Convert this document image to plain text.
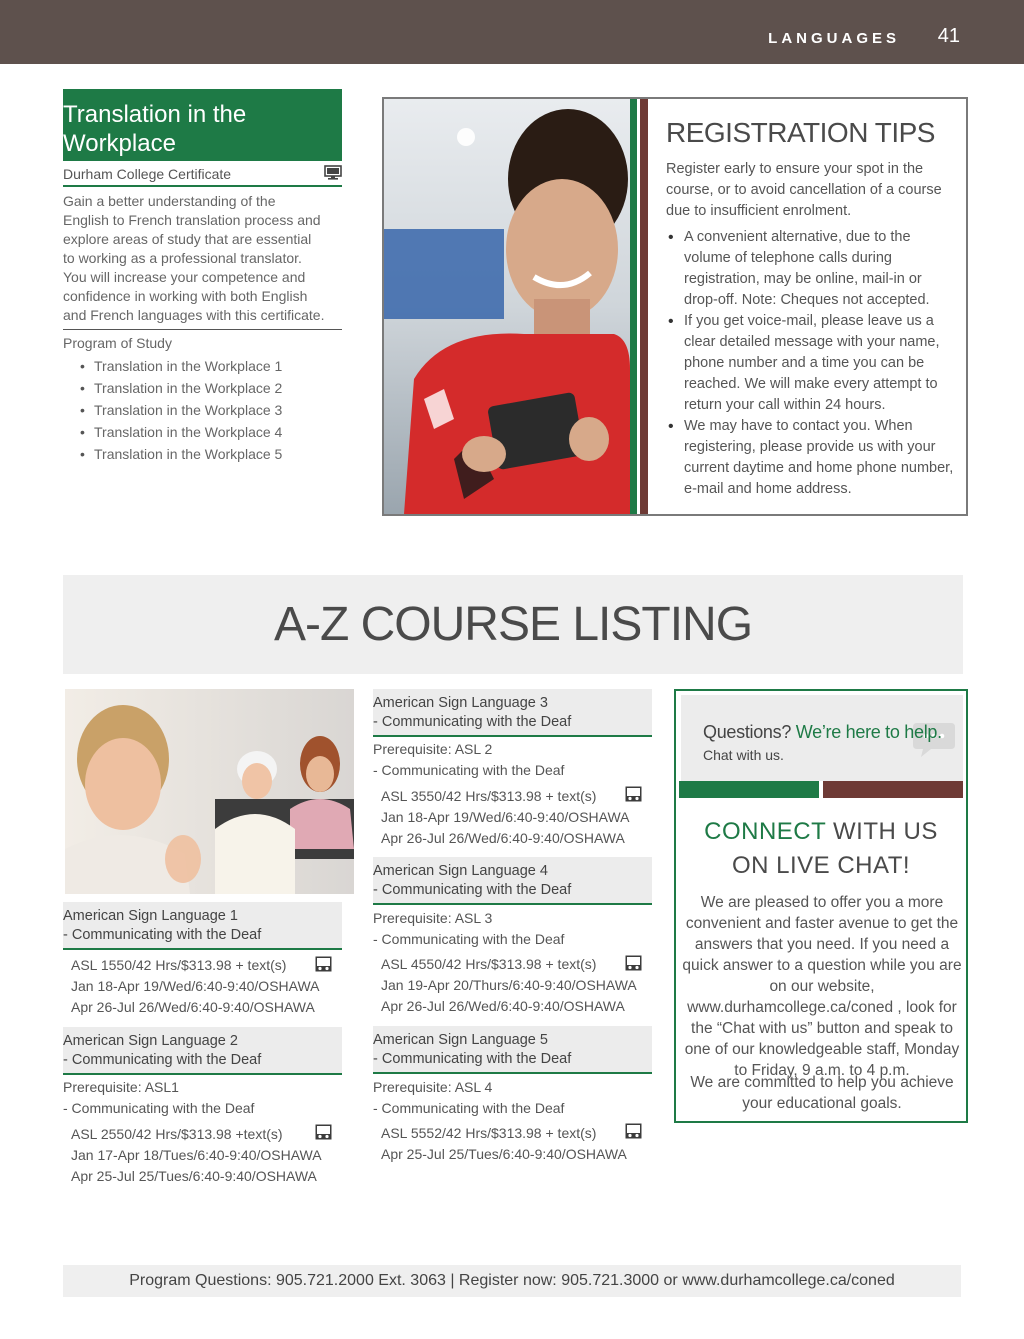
LANGUAGES 41
Translation in the
Workplace
Durham College Certificate
Gain a better understanding of the English to French translation process and explore areas of study that are essential to working as a professional translator. You will increase your competence and confidence in working with both English and French languages with this certificate.
Program of Study
• Translation in the Workplace 1
• Translation in the Workplace 2
• Translation in the Workplace 3
• Translation in the Workplace 4
• Translation in the Workplace 5
REGISTRATION TIPS
Register early to ensure your spot in the course, or to avoid cancellation of a course due to insufficient enrolment.
• A convenient alternative, due to the volume of telephone calls during registration, may be online, mail-in or drop-off. Note: Cheques not accepted.
• If you get voice-mail, please leave us a clear detailed message with your name, phone number and a time you can be reached. We will make every attempt to return your call within 24 hours.
• We may have to contact you. When registering, please provide us with your current daytime and home phone number, e-mail and home address.
A-Z COURSE LISTING
American Sign Language 1
- Communicating with the Deaf
ASL 1550/42 Hrs/$313.98 + text(s)
Jan 18-Apr 19/Wed/6:40-9:40/OSHAWA
Apr 26-Jul 26/Wed/6:40-9:40/OSHAWA
American Sign Language 2
- Communicating with the Deaf
Prerequisite: ASL1
- Communicating with the Deaf
ASL 2550/42 Hrs/$313.98 +text(s)
Jan 17-Apr 18/Tues/6:40-9:40/OSHAWA
Apr 25-Jul 25/Tues/6:40-9:40/OSHAWA
American Sign Language 3
- Communicating with the Deaf
Prerequisite: ASL 2
- Communicating with the Deaf
ASL 3550/42 Hrs/$313.98 + text(s)
Jan 18-Apr 19/Wed/6:40-9:40/OSHAWA
Apr 26-Jul 26/Wed/6:40-9:40/OSHAWA
American Sign Language 4
- Communicating with the Deaf
Prerequisite: ASL 3
- Communicating with the Deaf
ASL 4550/42 Hrs/$313.98 + text(s)
Jan 19-Apr 20/Thurs/6:40-9:40/OSHAWA
Apr 26-Jul 26/Wed/6:40-9:40/OSHAWA
American Sign Language 5
- Communicating with the Deaf
Prerequisite: ASL 4
- Communicating with the Deaf
ASL 5552/42 Hrs/$313.98 + text(s)
Apr 25-Jul 25/Tues/6:40-9:40/OSHAWA
Questions? We’re here to help.
Chat with us.
CONNECT WITH US
ON LIVE CHAT!
We are pleased to offer you a more convenient and faster avenue to get the answers that you need. If you need a quick answer to a question while you are on our website, www.durhamcollege.ca/coned , look for the “Chat with us” button and speak to one of our knowledgeable staff, Monday to Friday, 9 a.m. to 4 p.m.
We are committed to help you achieve your educational goals.
Program Questions: 905.721.2000 Ext. 3063 | Register now: 905.721.3000 or www.durhamcollege.ca/coned
